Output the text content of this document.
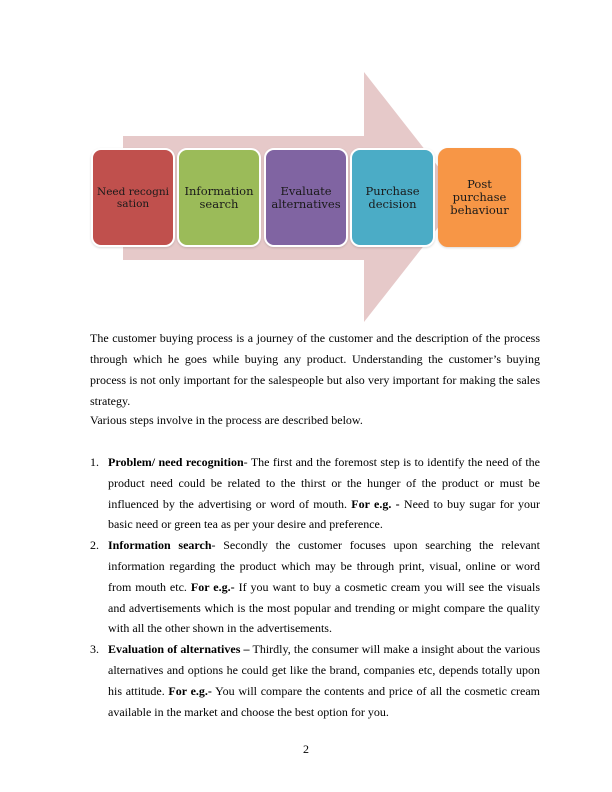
Need recognisation
Information search
Evaluate alternatives
Purchase decision
Post purchase behaviour

The customer buying process is a journey of the customer and the description of the process through which he goes while buying any product. Understanding the customer’s buying process is not only important for the salespeople but also very important for making the sales strategy.

Various steps involve in the process are described below.

1. Problem/ need recognition- The first and the foremost step is to identify the need of the product need could be related to the thirst or the hunger of the product or must be influenced by the advertising or word of mouth. For e.g. - Need to buy sugar for your basic need or green tea as per your desire and preference.
2. Information search- Secondly the customer focuses upon searching the relevant information regarding the product which may be through print, visual, online or word from mouth etc. For e.g.- If you want to buy a cosmetic cream you will see the visuals and advertisements which is the most popular and trending or might compare the quality with all the other shown in the advertisements.
3. Evaluation of alternatives – Thirdly, the consumer will make a insight about the various alternatives and options he could get like the brand, companies etc, depends totally upon his attitude. For e.g.- You will compare the contents and price of all the cosmetic cream available in the market and choose the best option for you.
2
